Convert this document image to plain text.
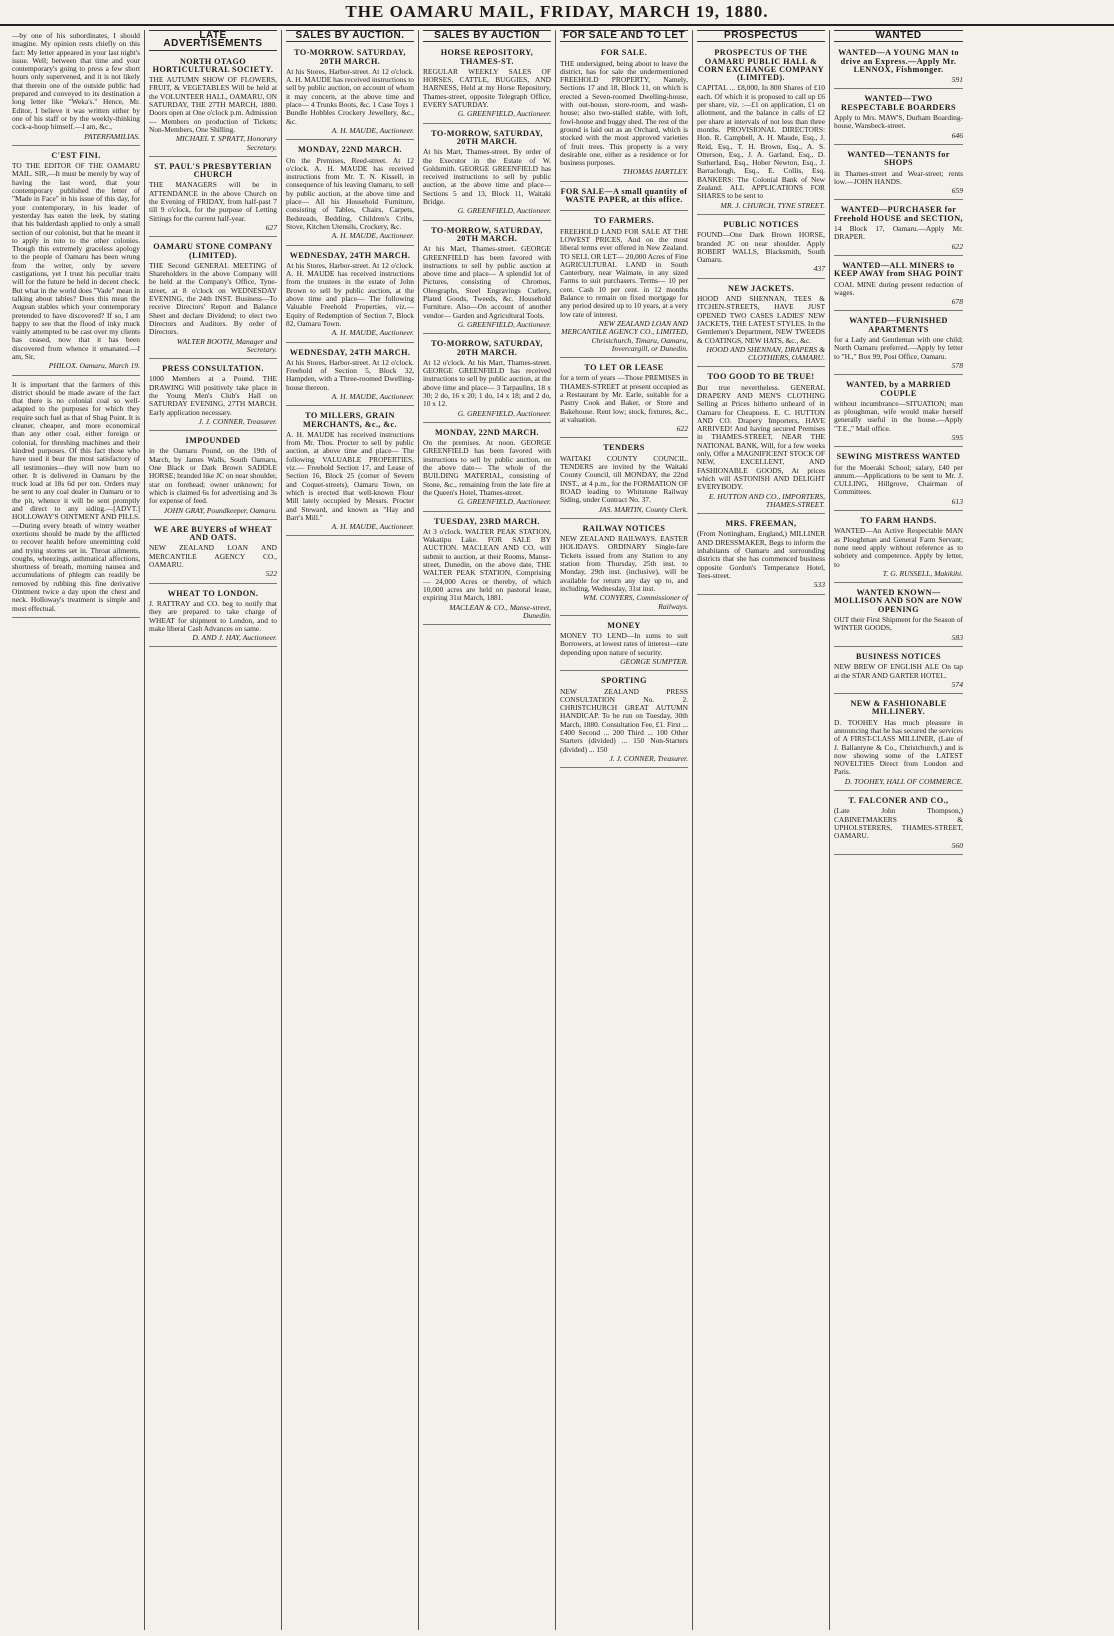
THE OAMARU MAIL, FRIDAY, MARCH 19, 1880.
—by one of his subordinates, I should imagine. My opinion rests chiefly on this fact: My letter appeared in your last night's issue. Well; between that time and your contemporary's going to press a few short hours only supervened, and it is not likely that therein one of the outside public had prepared and conveyed to its destination a long letter like "Weka's." Hence, Mr. Editor, I believe it was written either by one of his staff or by the weekly-thinking cock-a-hoop himself.—I am, &c.,
PATERFAMILIAS.
C'EST FINI.
TO THE EDITOR OF THE OAMARU MAIL. SIR,—It must be merely by way of having the last word, that your contemporary published the letter of "Made in Face" in his issue of this day, for your contemporary, in his leader of yesterday has eaten the leek, by stating that his balderdash applied to only a small section of our colonist, but that he meant it to apply in toto to the other colonies. Though this extremely graceless apology to the people of Oamaru has been wrung from the writer, only by severe castigations, yet I trust his peculiar traits will for the future be held in decent check. But what in the world does "Vade" mean in talking about tables? Does this mean the Augean stables which your contemporary pretended to have discovered? If so, I am happy to see that the flood of inky muck vainly attempted to be cast over my clients has ceased, now that it has been discovered from whence it emanated.—I am, Sir,
PHILOX. Oamaru, March 19.
It is important that the farmers of this district should be made aware of the fact that there is no colonial coal so well-adapted to the purposes for which they require such fuel as that of Shag Point. It is cleaner, cheaper, and more economical than any other coal, either foreign or colonial, for threshing machines and their kindred purposes. Of this fact those who have used it bear the most satisfactory of all testimonies—they will now burn no other. It is delivered in Oamaru by the truck load at 18s 6d per ton. Orders may be sent to any coal dealer in Oamaru or to the pit, whence it will be sent promptly and direct to any siding.—[ADVT.] HOLLOWAY'S OINTMENT AND PILLS.—During every breath of wintry weather exertions should be made by the afflicted to recover health before unremitting cold and trying storms set in. Throat ailments, coughs, wheezings, asthmatical affections, shortness of breath, morning nausea and accumulations of phlegm can readily be removed by rubbing this fine derivative Ointment twice a day upon the chest and neck. Holloway's treatment is simple and most effectual.
LATE ADVERTISEMENTS
NORTH OTAGO HORTICULTURAL SOCIETY.
THE AUTUMN SHOW OF FLOWERS, FRUIT, & VEGETABLES Will be held at the VOLUNTEER HALL, OAMARU, ON SATURDAY, THE 27TH MARCH, 1880. Doors open at One o'clock p.m. Admission — Members on production of Tickets; Non-Members, One Shilling.
MICHAEL T. SPRATT, Honorary Secretary.
ST. PAUL'S PRESBYTERIAN CHURCH
THE MANAGERS will be in ATTENDANCE in the above Church on the Evening of FRIDAY, from half-past 7 till 9 o'clock, for the purpose of Letting Sittings for the current half-year.
627
OAMARU STONE COMPANY (LIMITED).
THE Second GENERAL MEETING of Shareholders in the above Company will be held at the Company's Office, Tyne-street, at 8 o'clock on WEDNESDAY EVENING, the 24th INST. Business—To receive Directors' Report and Balance Sheet and declare Dividend; to elect two Directors and Auditors. By order of Directors.
WALTER BOOTH, Manager and Secretary.
PRESS CONSULTATION.
1000 Members at a Pound. THE DRAWING Will positively take place in the Young Men's Club's Hall on SATURDAY EVENING, 27TH MARCH. Early application necessary.
J. J. CONNER, Treasurer.
IMPOUNDED
in the Oamaru Pound, on the 19th of March, by James Walls, South Oamaru, One Black or Dark Brown SADDLE HORSE; branded like JC on near shoulder, star on forehead; owner unknown; for which is claimed 6s for advertising and 3s for expense of feed.
JOHN GRAY, Poundkeeper, Oamaru.
WE ARE BUYERS of WHEAT AND OATS.
NEW ZEALAND LOAN AND MERCANTILE AGENCY CO., OAMARU.
522
WHEAT TO LONDON.
J. RATTRAY and CO. beg to notify that they are prepared to take charge of WHEAT for shipment to London, and to make liberal Cash Advances on same.
D. AND J. HAY, Auctioneer.
SALES BY AUCTION.
TO-MORROW. SATURDAY, 20TH MARCH.
At his Stores, Harbor-street. At 12 o'clock. A. H. MAUDE has received instructions to sell by public auction, on account of whom it may concern, at the above time and place— 4 Trunks Boots, &c. 1 Case Toys 1 Bundle Hobbles Crockery Jewellery, &c., &c.
A. H. MAUDE, Auctioneer.
MONDAY, 22ND MARCH.
On the Premises, Reed-street. At 12 o'clock. A. H. MAUDE has received instructions from Mr. T. N. Kissell, in consequence of his leaving Oamaru, to sell by public auction, at the above time and place— All his Household Furniture, consisting of Tables, Chairs, Carpets, Bedsteads, Bedding, Children's Cribs, Stove, Kitchen Utensils, Crockery, &c.
A. H. MAUDE, Auctioneer.
WEDNESDAY, 24TH MARCH.
At his Stores, Harbor-street. At 12 o'clock. A. H. MAUDE has received instructions from the trustees in the estate of John Brown to sell by public auction, at the above time and place— The following Valuable Freehold Properties, viz.— Equity of Redemption of Section 7, Block 82, Oamaru Town.
A. H. MAUDE, Auctioneer.
WEDNESDAY, 24TH MARCH.
At his Stores, Harbor-street. At 12 o'clock. Freehold of Section 5, Block 32, Hampden, with a Three-roomed Dwelling-house thereon.
A. H. MAUDE, Auctioneer.
TO MILLERS, GRAIN MERCHANTS, &c., &c.
A. H. MAUDE has received instructions from Mr. Thos. Procter to sell by public auction, at above time and place— The following VALUABLE PROPERTIES, viz.— Freehold Section 17, and Lease of Section 16, Block 25 (corner of Severn and Coquet-streets), Oamaru Town, on which is erected that well-known Flour Mill lately occupied by Messrs. Procter and Steward, and known as "Hay and Barr's Mill."
A. H. MAUDE, Auctioneer.
SALES BY AUCTION
HORSE REPOSITORY, THAMES-ST.
REGULAR WEEKLY SALES OF HORSES, CATTLE, BUGGIES, AND HARNESS, Held at my Horse Repository, Thames-street, opposite Telegraph Office, EVERY SATURDAY.
G. GREENFIELD, Auctioneer.
TO-MORROW, SATURDAY, 20TH MARCH.
At his Mart, Thames-street. By order of the Executor in the Estate of W. Goldsmith. GEORGE GREENFIELD has received instructions to sell by public auction, at the above time and place— Sections 5 and 13, Block 11, Waitaki Bridge.
G. GREENFIELD, Auctioneer.
TO-MORROW, SATURDAY, 20TH MARCH.
At his Mart, Thames-street. GEORGE GREENFIELD has been favored with instructions to sell by public auction at above time and place— A splendid lot of Pictures, consisting of Chromos, Oleographs, Steel Engravings Cutlery, Plated Goods, Tweeds, &c. Household Furniture. Also—On account of another vendor— Garden and Agricultural Tools.
G. GREENFIELD, Auctioneer.
TO-MORROW, SATURDAY, 20TH MARCH.
At 12 o'clock. At his Mart, Thames-street. GEORGE GREENFIELD has received instructions to sell by public auction, at the above time and place— 3 Tarpaulins, 18 x 30; 2 do, 16 x 20; 1 do, 14 x 18; and 2 do, 10 x 12.
G. GREENFIELD, Auctioneer.
MONDAY, 22ND MARCH.
On the premises. At noon. GEORGE GREENFIELD has been favored with instructions to sell by public auction, on the above date— The whole of the BUILDING MATERIAL, consisting of Stone, &c., remaining from the late fire at the Queen's Hotel, Thames-street.
G. GREENFIELD, Auctioneer.
TUESDAY, 23RD MARCH.
At 3 o'clock. WALTER PEAK STATION, Wakatipu Lake. FOR SALE BY AUCTION. MACLEAN AND CO. will submit to auction, at their Rooms, Manse-street, Dunedin, on the above date, THE WALTER PEAK STATION, Comprising— 24,000 Acres or thereby, of which 10,000 acres are held on pastoral lease, expiring 31st March, 1881.
MACLEAN & CO., Manse-street, Dunedin.
FOR SALE AND TO LET
FOR SALE.
THE undersigned, being about to leave the district, has for sale the undermentioned FREEHOLD PROPERTY, Namely, Sections 17 and 18, Block 11, on which is erected a Seven-roomed Dwelling-house, with out-house, store-room, and wash-house; also two-stalled stable, with loft, fowl-house and buggy shed. The rest of the ground is laid out as an Orchard, which is stocked with the most approved varieties of fruit trees. This property is a very desirable one, either as a residence or for business purposes.
THOMAS HARTLEY.
FOR SALE—A small quantity of WASTE PAPER, at this office.
TO FARMERS.
FREEHOLD LAND FOR SALE AT THE LOWEST PRICES, And on the most liberal terms ever offered in New Zealand. TO SELL OR LET— 20,000 Acres of Fine AGRICULTURAL LAND in South Canterbury, near Waimate, in any sized Farms to suit purchasers. Terms— 10 per cent. Cash 10 per cent. in 12 months Balance to remain on fixed mortgage for any period desired up to 10 years, at a very low rate of interest.
NEW ZEALAND LOAN AND MERCANTILE AGENCY CO., LIMITED, Christchurch, Timaru, Oamaru, Invercargill, or Dunedin.
TO LET OR LEASE
for a term of years —Those PREMISES in THAMES-STREET at present occupied as a Restaurant by Mr. Earle, suitable for a Pastry Cook and Baker, or Store and Bakehouse. Rent low; stock, fixtures, &c., at valuation.
622
TENDERS
WAITAKI COUNTY COUNCIL. TENDERS are invited by the Waitaki County Council, till MONDAY, the 22nd INST., at 4 p.m., for the FORMATION OF ROAD leading to Whitstone Railway Siding, under Contract No. 37.
JAS. MARTIN, County Clerk.
RAILWAY NOTICES
NEW ZEALAND RAILWAYS. EASTER HOLIDAYS. ORDINARY Single-fare Tickets issued from any Station to any station from Thursday, 25th inst. to Monday, 29th inst. (inclusive), will be available for return any day up to, and including, Wednesday, 31st inst.
WM. CONYERS, Commissioner of Railways.
MONEY
MONEY TO LEND—In sums to suit Borrowers, at lowest rates of interest—rate depending upon nature of security.
GEORGE SUMPTER.
SPORTING
NEW ZEALAND PRESS CONSULTATION No. 2. CHRISTCHURCH GREAT AUTUMN HANDICAP. To be run on Tuesday, 30th March, 1880. Consultation Fee, £1. First ... £400 Second ... 200 Third ... 100 Other Starters (divided) ... 150 Non-Starters (divided) ... 150
J. J. CONNER, Treasurer.
PROSPECTUS
PROSPECTUS OF THE OAMARU PUBLIC HALL & CORN EXCHANGE COMPANY (LIMITED).
CAPITAL ... £8,000, In 800 Shares of £10 each. Of which it is proposed to call up £6 per share, viz. :—£1 on application, £1 on allotment, and the balance in calls of £2 per share at intervals of not less than three months. PROVISIONAL DIRECTORS: Hon. R. Campbell, A. H. Maude, Esq., J. Reid, Esq., T. H. Brown, Esq., A. S. Otterson, Esq., J. A. Garland, Esq., D. Sutherland, Esq., Hober Newton, Esq., J. Barraclough, Esq., E. Collis, Esq. BANKERS: The Colonial Bank of New Zealand. ALL APPLICATIONS FOR SHARES to be sent to
MR. J. CHURCH, TYNE STREET.
PUBLIC NOTICES
FOUND—One Dark Brown HORSE, branded JC on near shoulder. Apply ROBERT WALLS, Blacksmith, South Oamaru.
437
NEW JACKETS.
HOOD AND SHENNAN, TEES & ITCHEN-STREETS, HAVE JUST OPENED TWO CASES LADIES' NEW JACKETS, THE LATEST STYLES. In the Gentlemen's Department, NEW TWEEDS & COATINGS, NEW HATS, &c., &c.
HOOD AND SHENNAN, DRAPERS & CLOTHIERS, OAMARU.
TOO GOOD TO BE TRUE!
But true nevertheless. GENERAL DRAPERY AND MEN'S CLOTHING Selling at Prices hitherto unheard of in Oamaru for Cheapness. E. C. HUTTON AND CO. Drapery Importers, HAVE ARRIVED! And having secured Premises in THAMES-STREET, NEAR THE NATIONAL BANK, Will, for a few weeks only, Offer a MAGNIFICENT STOCK OF NEW, EXCELLENT, AND FASHIONABLE GOODS, At prices which will ASTONISH AND DELIGHT EVERYBODY.
E. HUTTON AND CO., IMPORTERS, THAMES-STREET.
MRS. FREEMAN,
(From Nottingham, England,) MILLINER AND DRESSMAKER, Begs to inform the inhabitants of Oamaru and surrounding districts that she has commenced business opposite Gordon's Temperance Hotel, Tees-street.
533
WANTED
WANTED—A YOUNG MAN to drive an Express.—Apply Mr. LENNOX, Fishmonger.
591
WANTED—TWO RESPECTABLE BOARDERS
Apply to Mrs. MAW'S, Durham Boarding-house, Wansbeck-street.
646
WANTED—TENANTS for SHOPS
in Thames-street and Wear-street; rents low.—JOHN HANDS.
659
WANTED—PURCHASER for Freehold HOUSE and SECTION,
14 Block 17, Oamaru.—Apply Mr. DRAPER.
622
WANTED—ALL MINERS to KEEP AWAY from SHAG POINT
COAL MINE during present reduction of wages.
678
WANTED—FURNISHED APARTMENTS
for a Lady and Gentleman with one child; North Oamaru preferred.—Apply by letter to "H.," Box 99, Post Office, Oamaru.
578
WANTED, by a MARRIED COUPLE
without incumbrance—SITUATION; man as ploughman, wife would make herself generally useful in the house.—Apply "T.E.," Mail office.
595
SEWING MISTRESS WANTED
for the Moeraki School; salary, £40 per annum.—Applications to be sent to Mr. J. CULLING, Hillgrove, Chairman of Committees.
613
TO FARM HANDS.
WANTED—An Active Respectable MAN as Ploughman and General Farm Servant; none need apply without reference as to sobriety and competence. Apply by letter, to
T. G. RUSSELL, Makikihi.
WANTED KNOWN—MOLLISON AND SON are NOW OPENING
OUT their First Shipment for the Season of WINTER GOODS,
583
BUSINESS NOTICES
NEW BREW OF ENGLISH ALE On tap at the STAR AND GARTER HOTEL.
574
NEW & FASHIONABLE MILLINERY.
D. TOOHEY Has much pleasure in announcing that he has secured the services of A FIRST-CLASS MILLINER, (Late of J. Ballantyne & Co., Christchurch,) and is now showing some of the LATEST NOVELTIES Direct from London and Paris.
D. TOOHEY, HALL OF COMMERCE.
T. FALCONER AND CO.,
(Late John Thompson,) CABINETMAKERS & UPHOLSTERERS, THAMES-STREET, OAMARU.
560
